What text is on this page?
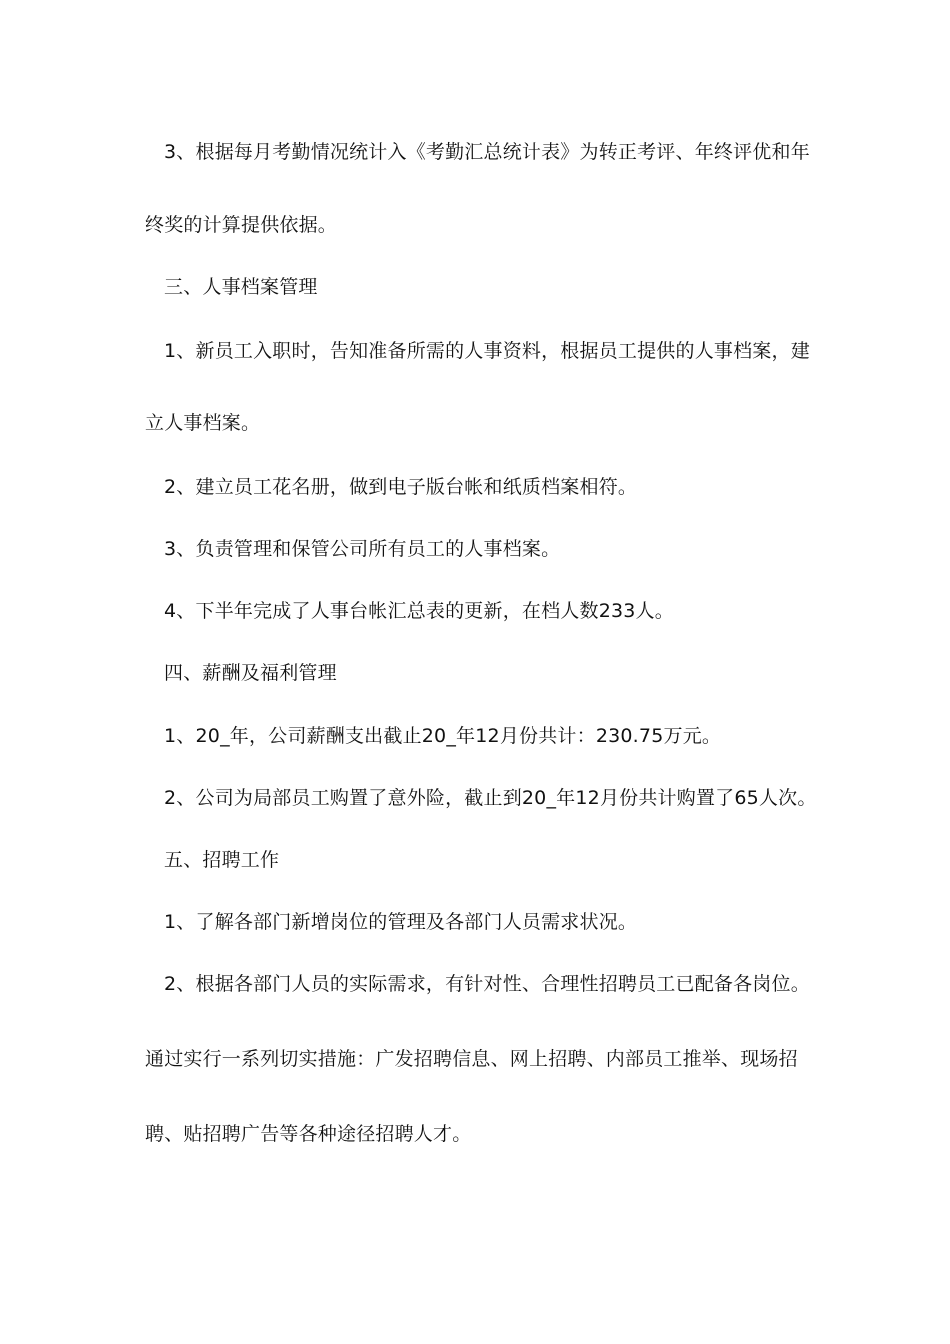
3、根据每月考勤情况统计入《考勤汇总统计表》为转正考评、年终评优和年
终奖的计算提供依据。
三、人事档案管理
1、新员工入职时，告知准备所需的人事资料，根据员工提供的人事档案，建
立人事档案。
2、建立员工花名册，做到电子版台帐和纸质档案相符。
3、负责管理和保管公司所有员工的人事档案。
4、下半年完成了人事台帐汇总表的更新，在档人数233人。
四、薪酬及福利管理
1、20_年，公司薪酬支出截止20_年12月份共计：230.75万元。
2、公司为局部员工购置了意外险，截止到20_年12月份共计购置了65人次。
五、招聘工作
1、了解各部门新增岗位的管理及各部门人员需求状况。
2、根据各部门人员的实际需求，有针对性、合理性招聘员工已配备各岗位。
通过实行一系列切实措施：广发招聘信息、网上招聘、内部员工推举、现场招
聘、贴招聘广告等各种途径招聘人才。
